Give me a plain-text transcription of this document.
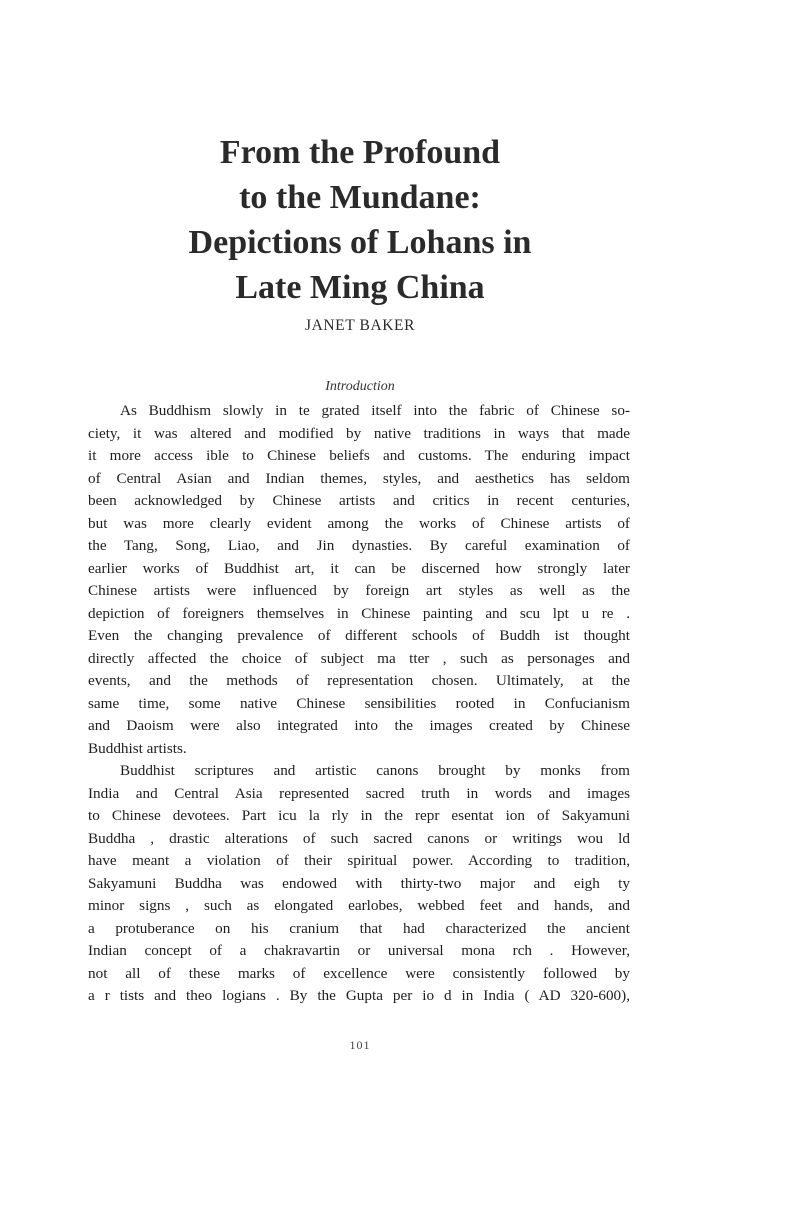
From the Profound
to the Mundane:
Depictions of Lohans in
Late Ming China
JANET BAKER
Introduction
As Buddhism slowly in te grated itself into the fabric of Chinese so-
ciety, it was altered and modified by native traditions in ways that made
it more access ible to Chinese beliefs and customs. The enduring impact
of Central Asian and Indian themes, styles, and aesthetics has seldom
been acknowledged by Chinese artists and critics in recent centuries,
but was more clearly evident among the works of Chinese artists of
the Tang, Song, Liao, and Jin dynasties. By careful examination of
earlier works of Buddhist art, it can be discerned how strongly later
Chinese artists were influenced by foreign art styles as well as the
depiction of foreigners themselves in Chinese painting and scu lpt u re .
Even the changing prevalence of different schools of Buddh ist thought
directly affected the choice of subject ma tter , such as personages and
events, and the methods of representation chosen. Ultimately, at the
same time, some native Chinese sensibilities rooted in Confucianism
and Daoism were also integrated into the images created by Chinese
Buddhist artists.
Buddhist scriptures and artistic canons brought by monks from
India and Central Asia represented sacred truth in words and images
to Chinese devotees. Part icu la rly in the repr esentat ion of Sakyamuni
Buddha , drastic alterations of such sacred canons or writings wou ld
have meant a violation of their spiritual power. According to tradition,
Sakyamuni Buddha was endowed with thirty-two major and eigh ty
minor signs , such as elongated earlobes, webbed feet and hands, and
a protuberance on his cranium that had characterized the ancient
Indian concept of a chakravartin or universal mona rch . However,
not all of these marks of excellence were consistently followed by
a r tists and theo logians . By the Gupta per io d in India ( AD 320-600),
101
